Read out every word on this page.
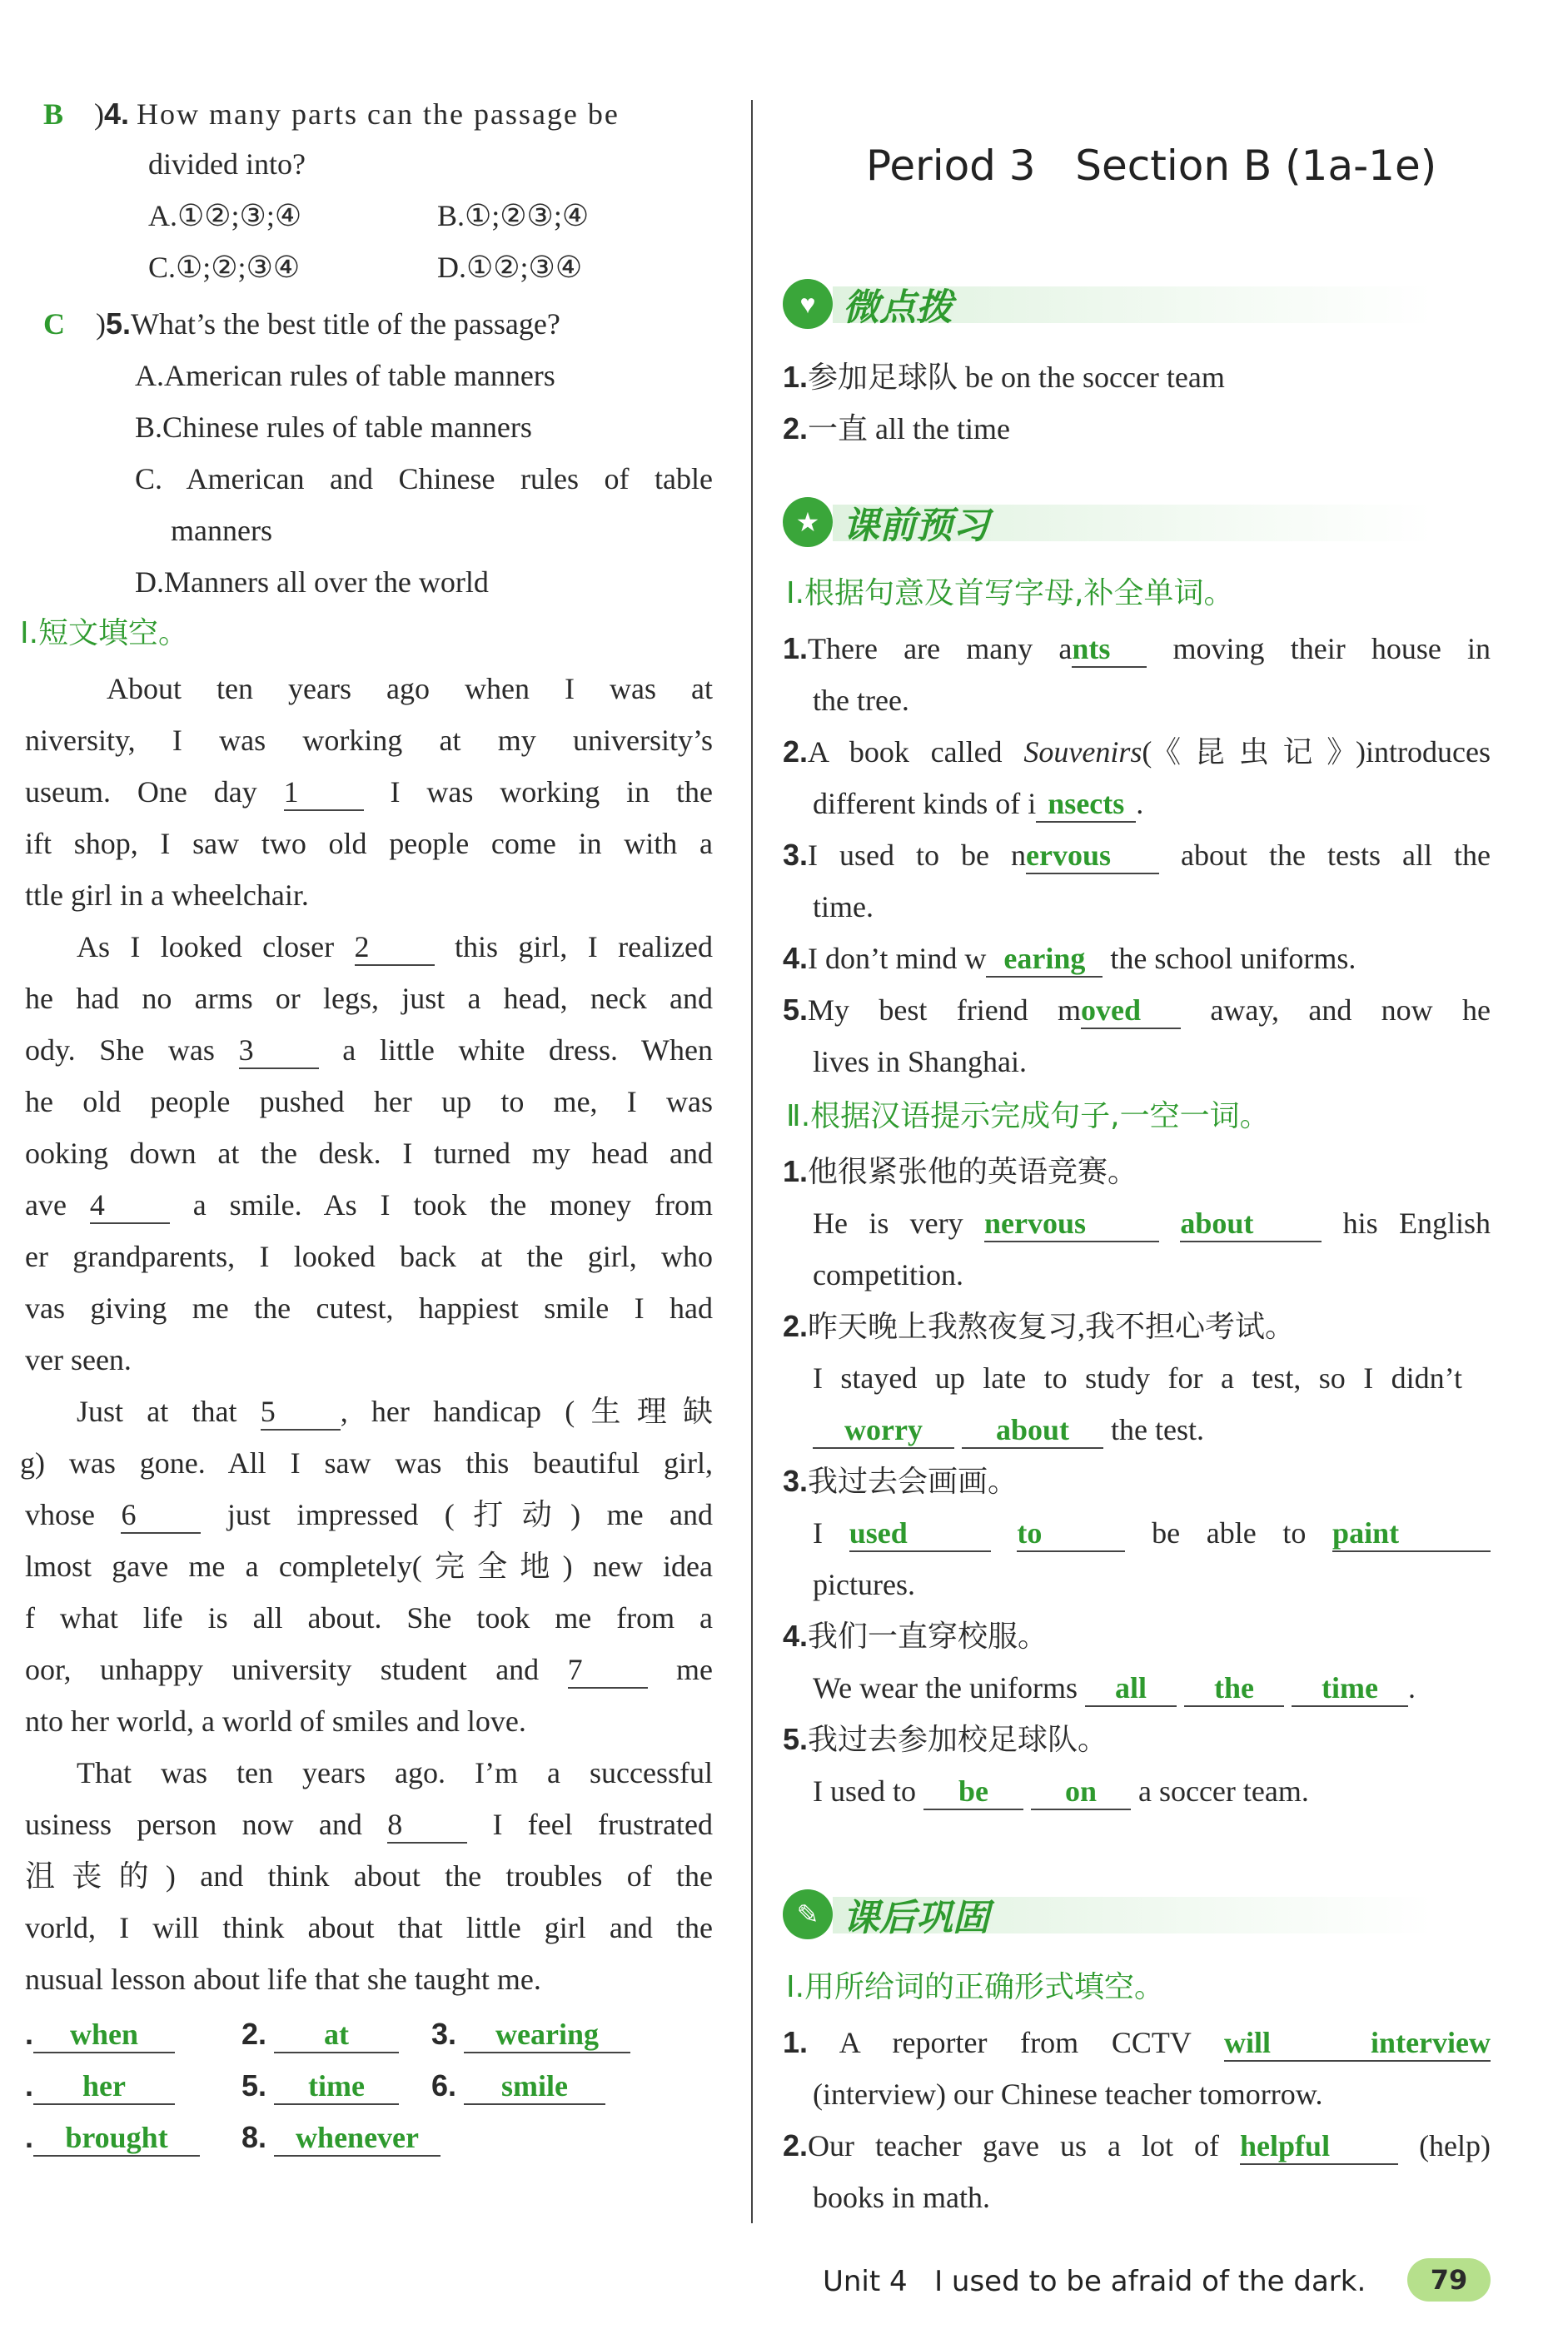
B )4. How many parts can the passage be
divided into?
A.①②;③;④	B.①;②③;④
C.①;②;③④	D.①②;③④
C )5.What’s the best title of the passage?
A.American rules of table manners
B.Chinese rules of table manners
C. American and Chinese rules of table
manners
D.Manners all over the world
Ⅰ.短文填空。
About ten years ago when I was at
niversity, I was working at my university’s
useum. One day 1	I was working in the
ift shop, I saw two old people come in with a
ttle girl in a wheelchair.
As I looked closer 2	this girl, I realized
he had no arms or legs, just a head, neck and
ody. She was 3	a little white dress. When
he old people pushed her up to me, I was
ooking down at the desk. I turned my head and
ave 4	a smile. As I took the money from
er grandparents, I looked back at the girl, who
vas giving me the cutest, happiest smile I had
ver seen.
Just at that 5 , her handicap (生理缺
g) was gone. All I saw was this beautiful girl,
vhose 6	just impressed (打动) me and
lmost gave me a completely(完全地) new idea
f what life is all about. She took me from a
oor, unhappy university student and 7	me
nto her world, a world of smiles and love.
That was ten years ago. I’m a successful
usiness person now and 8	I feel frustrated
沮丧的) and think about the troubles of the
vorld, I will think about that little girl and the
nusual lesson about life that she taught me.
. when	2. at	3. wearing
. her	5. time	6. smile
. brought	8. whenever
Period 3   Section B (1a-1e)
♥ 微点拨
1.参加足球队 be on the soccer team
2.一直 all the time
★ 课前预习
Ⅰ.根据句意及首写字母,补全单词。
1.There are many ants moving their house in
the tree.
2.A book called Souvenirs(《昆虫记》)introduces
different kinds of i nsects .
3.I used to be nervous about the tests all the
time.
4.I don’t mind w earing the school uniforms.
5.My best friend moved away, and now he
lives in Shanghai.
Ⅱ.根据汉语提示完成句子,一空一词。
1.他很紧张他的英语竞赛。
He is very nervous	about	his English
competition.
2.昨天晚上我熬夜复习,我不担心考试。
I stayed up late to study for a test, so I didn’t
worry about the test.
3.我过去会画画。
I used	to	be able to paint
pictures.
4.我们一直穿校服。
We wear the uniforms all the time .
5.我过去参加校足球队。
I used to be	on a soccer team.
✎ 课后巩固
Ⅰ.用所给词的正确形式填空。
1. A reporter from CCTV will  interview
(interview) our Chinese teacher tomorrow.
2.Our teacher gave us a lot of helpful	(help)
books in math.
Unit 4   I used to be afraid of the dark.	79
